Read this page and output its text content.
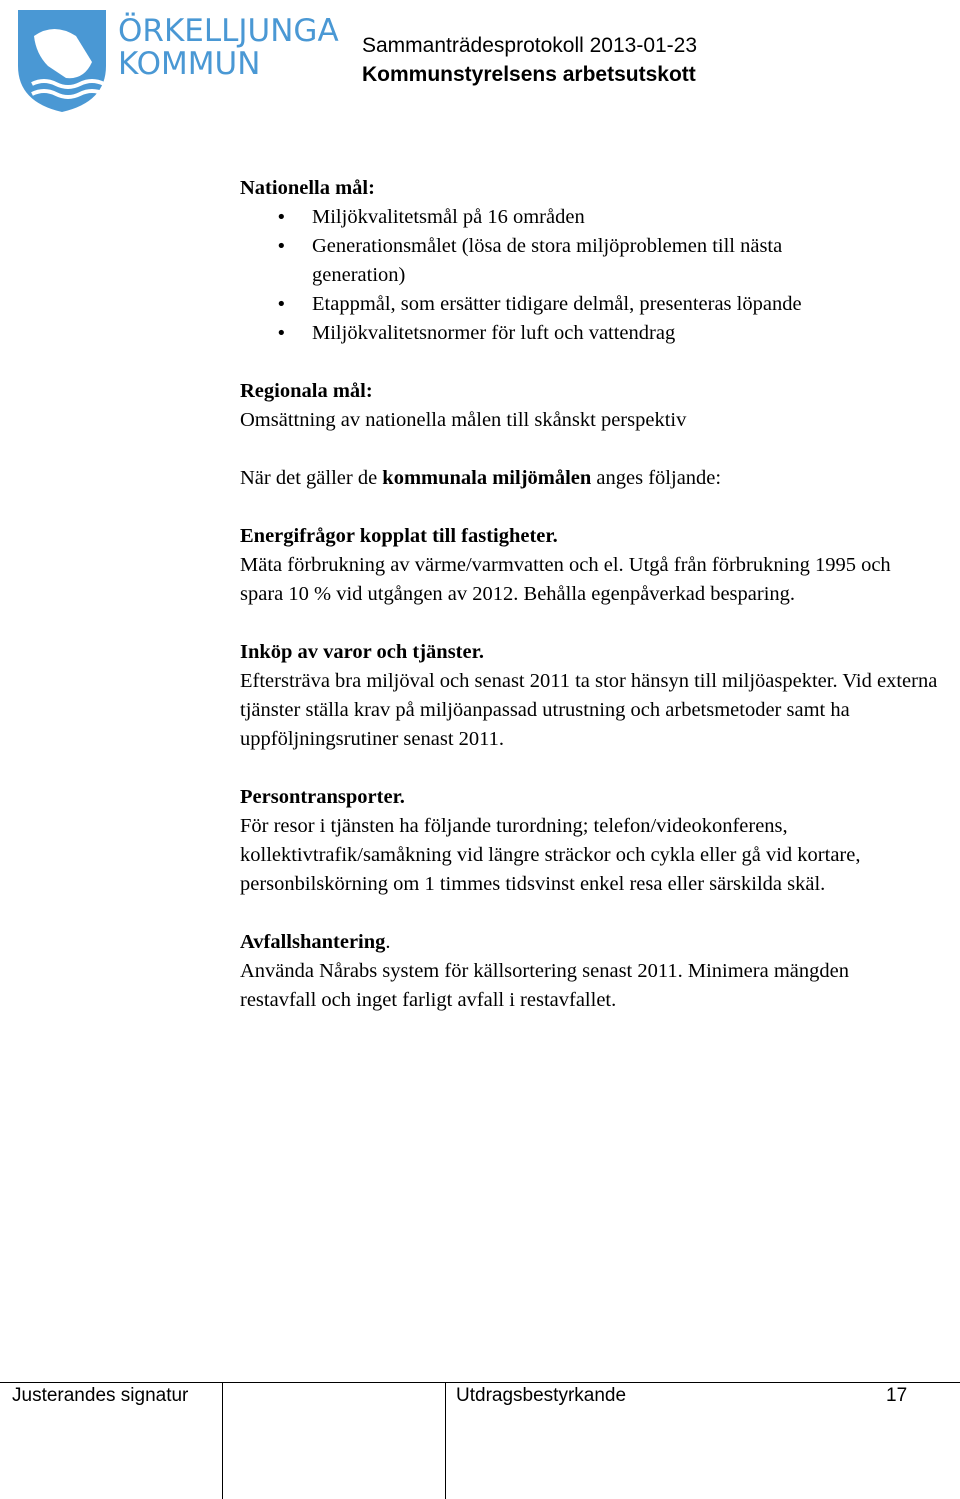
ÖRKELLJUNGA
KOMMUN
Sammanträdesprotokoll 2013-01-23
Kommunstyrelsens arbetsutskott

Nationella mål:

• Miljökvalitetsmål på 16 områden
• Generationsmålet (lösa de stora miljöproblemen till nästa generation)
• Etappmål, som ersätter tidigare delmål, presenteras löpande
• Miljökvalitetsnormer för luft och vattendrag

Regionala mål:

Omsättning av nationella målen till skånskt perspektiv

När det gäller de kommunala miljömålen anges följande:

Energifrågor kopplat till fastigheter.

Mäta förbrukning av värme/varmvatten och el. Utgå från förbrukning 1995 och spara 10 % vid utgången av 2012. Behålla egenpåverkad besparing.

Inköp av varor och tjänster.

Eftersträva bra miljöval och senast 2011 ta stor hänsyn till miljöaspekter. Vid externa tjänster ställa krav på miljöanpassad utrustning och arbetsmetoder samt ha uppföljningsrutiner senast 2011.

Persontransporter.

För resor i tjänsten ha följande turordning; telefon/videokonferens, kollektivtrafik/samåkning vid längre sträckor och cykla eller gå vid kortare, personbilskörning om 1 timmes tidsvinst enkel resa eller särskilda skäl.

Avfallshantering.

Använda Nårabs system för källsortering senast 2011. Minimera mängden restavfall och inget farligt avfall i restavfallet.

Justerandes signatur	Utdragsbestyrkande	17
